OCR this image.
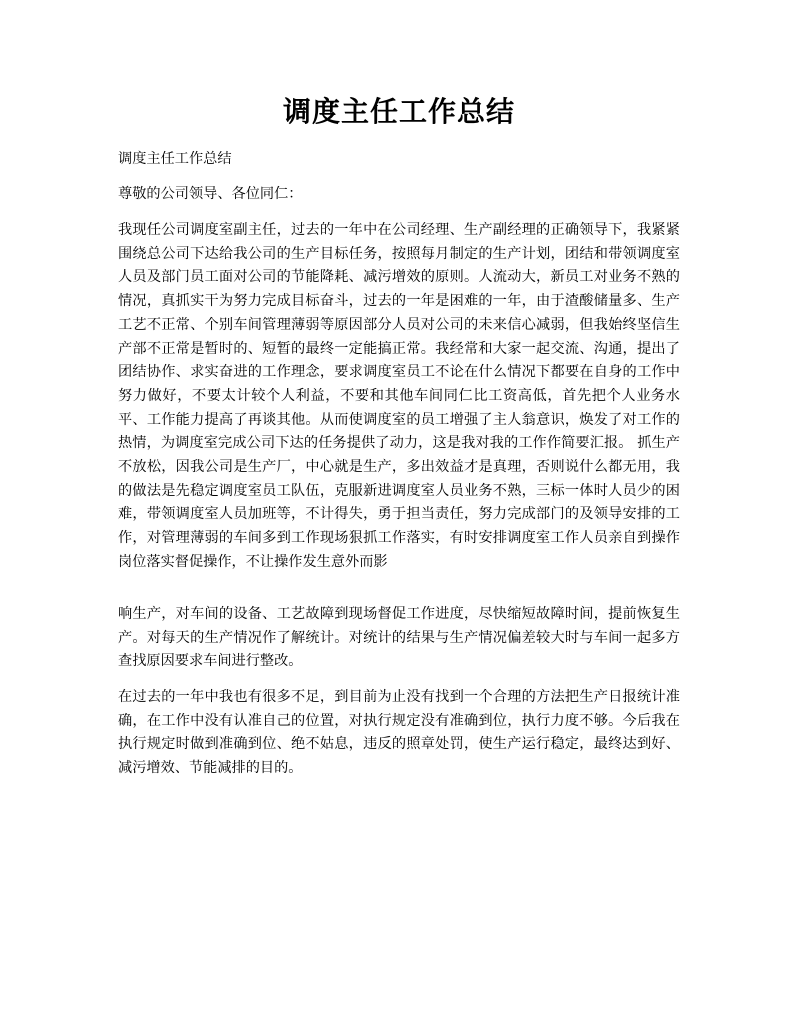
调度主任工作总结

调度主任工作总结

尊敬的公司领导、各位同仁：

我现任公司调度室副主任，过去的一年中在公司经理、生产副经理的正确领导下，我紧紧围绕总公司下达给我公司的生产目标任务，按照每月制定的生产计划，团结和带领调度室人员及部门员工面对公司的节能降耗、减污增效的原则。人流动大，新员工对业务不熟的情况，真抓实干为努力完成目标奋斗，过去的一年是困难的一年，由于渣酸储量多、生产工艺不正常、个别车间管理薄弱等原因部分人员对公司的未来信心减弱，但我始终坚信生产部不正常是暂时的、短暂的最终一定能搞正常。我经常和大家一起交流、沟通，提出了团结协作、求实奋进的工作理念，要求调度室员工不论在什么情况下都要在自身的工作中努力做好，不要太计较个人利益，不要和其他车间同仁比工资高低，首先把个人业务水平、工作能力提高了再谈其他。从而使调度室的员工增强了主人翁意识，焕发了对工作的热情，为调度室完成公司下达的任务提供了动力，这是我对我的工作作简要汇报。 抓生产不放松，因我公司是生产厂，中心就是生产，多出效益才是真理，否则说什么都无用，我的做法是先稳定调度室员工队伍，克服新进调度室人员业务不熟，三标一体时人员少的困难，带领调度室人员加班等，不计得失，勇于担当责任，努力完成部门的及领导安排的工作，对管理薄弱的车间多到工作现场狠抓工作落实，有时安排调度室工作人员亲自到操作岗位落实督促操作，不让操作发生意外而影

响生产，对车间的设备、工艺故障到现场督促工作进度，尽快缩短故障时间，提前恢复生产。对每天的生产情况作了解统计。对统计的结果与生产情况偏差较大时与车间一起多方查找原因要求车间进行整改。

在过去的一年中我也有很多不足，到目前为止没有找到一个合理的方法把生产日报统计准确，在工作中没有认准自己的位置，对执行规定没有准确到位，执行力度不够。今后我在执行规定时做到准确到位、绝不姑息，违反的照章处罚，使生产运行稳定，最终达到好、减污增效、节能减排的目的。
